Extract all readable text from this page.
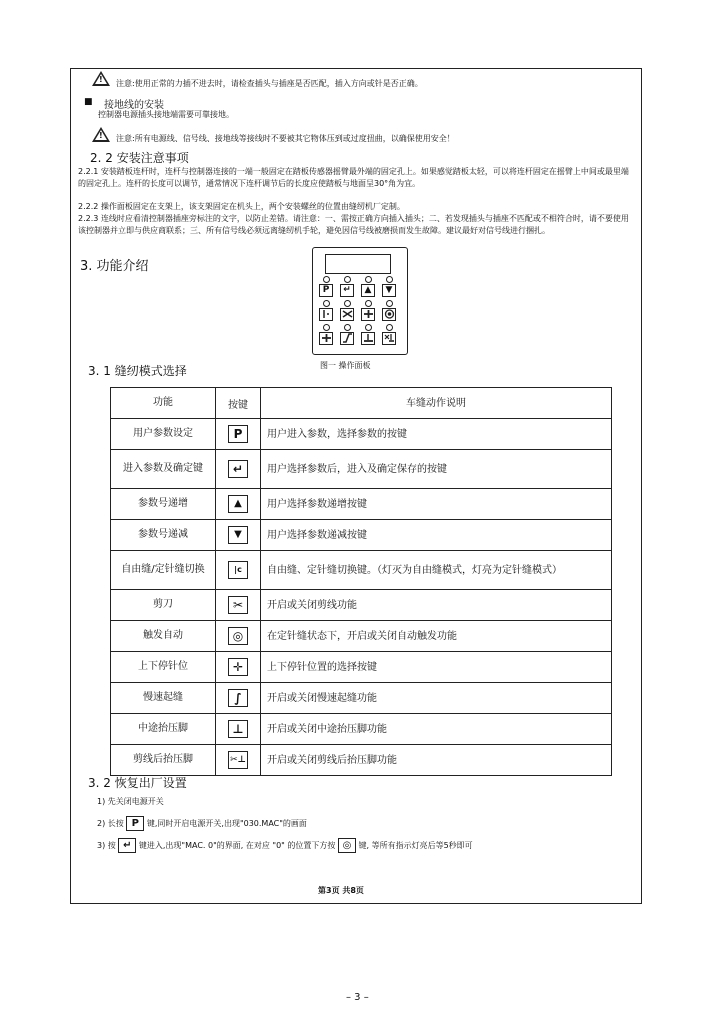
! 注意:使用正常的力插不进去时，请检查插头与插座是否匹配，插入方向或针是否正确。
■ 接地线的安装
控制器电源插头接地端需要可靠接地。
! 注意:所有电源线、信号线、接地线等接线时不要被其它物体压到或过度扭曲，以确保使用安全！
2. 2 安装注意事项
2.2.1 安装踏板连杆时，连杆与控制器连接的一端一般固定在踏板传感器摇臂最外端的固定孔上。如果感觉踏板太轻，可以将连杆固定在摇臂上中间或最里端的固定孔上。连杆的长度可以调节，通常情况下连杆调节后的长度应使踏板与地面呈30°角为宜。
2.2.2 操作面板固定在支架上，该支架固定在机头上，两个安装螺丝的位置由缝纫机厂定制。
2.2.3 连线时应看清控制器插座旁标注的文字，以防止差错。请注意：一、需按正确方向插入插头；二、若发现插头与插座不匹配或不相符合时，请不要使用该控制器并立即与供应商联系；三、所有信号线必须远离缝纫机手轮，避免因信号线被磨损而发生故障。建议最好对信号线进行捆扎。
3. 功能介绍
P	↵	▲	▼
图一 操作面板
3. 1 缝纫模式选择
功能	按键	车缝动作说明
用户参数设定	P	用户进入参数，选择参数的按键
进入参数及确定键	↵	用户选择参数后，进入及确定保存的按键
参数号递增	▲	用户选择参数递增按键
参数号递减	▼	用户选择参数递减按键
自由缝/定针缝切换	|c	自由缝、定针缝切换键。（灯灭为自由缝模式，灯亮为定针缝模式）
剪刀	✂	开启或关闭剪线功能
触发自动	◎	在定针缝状态下，开启或关闭自动触发功能
上下停针位	✛	上下停针位置的选择按键
慢速起缝	∫	开启或关闭慢速起缝功能
中途抬压脚	⊥	开启或关闭中途抬压脚功能
剪线后抬压脚	✂⊥	开启或关闭剪线后抬压脚功能
3. 2 恢复出厂设置
1) 先关闭电源开关
2) 长按 P 键,同时开启电源开关,出现"030.MAC"的画面
3) 按 ↵ 键进入,出现"MAC. 0"的界面, 在对应 "0" 的位置下方按 ◎ 键, 等所有指示灯亮后等5秒即可
第3页 共8页
– 3 –
